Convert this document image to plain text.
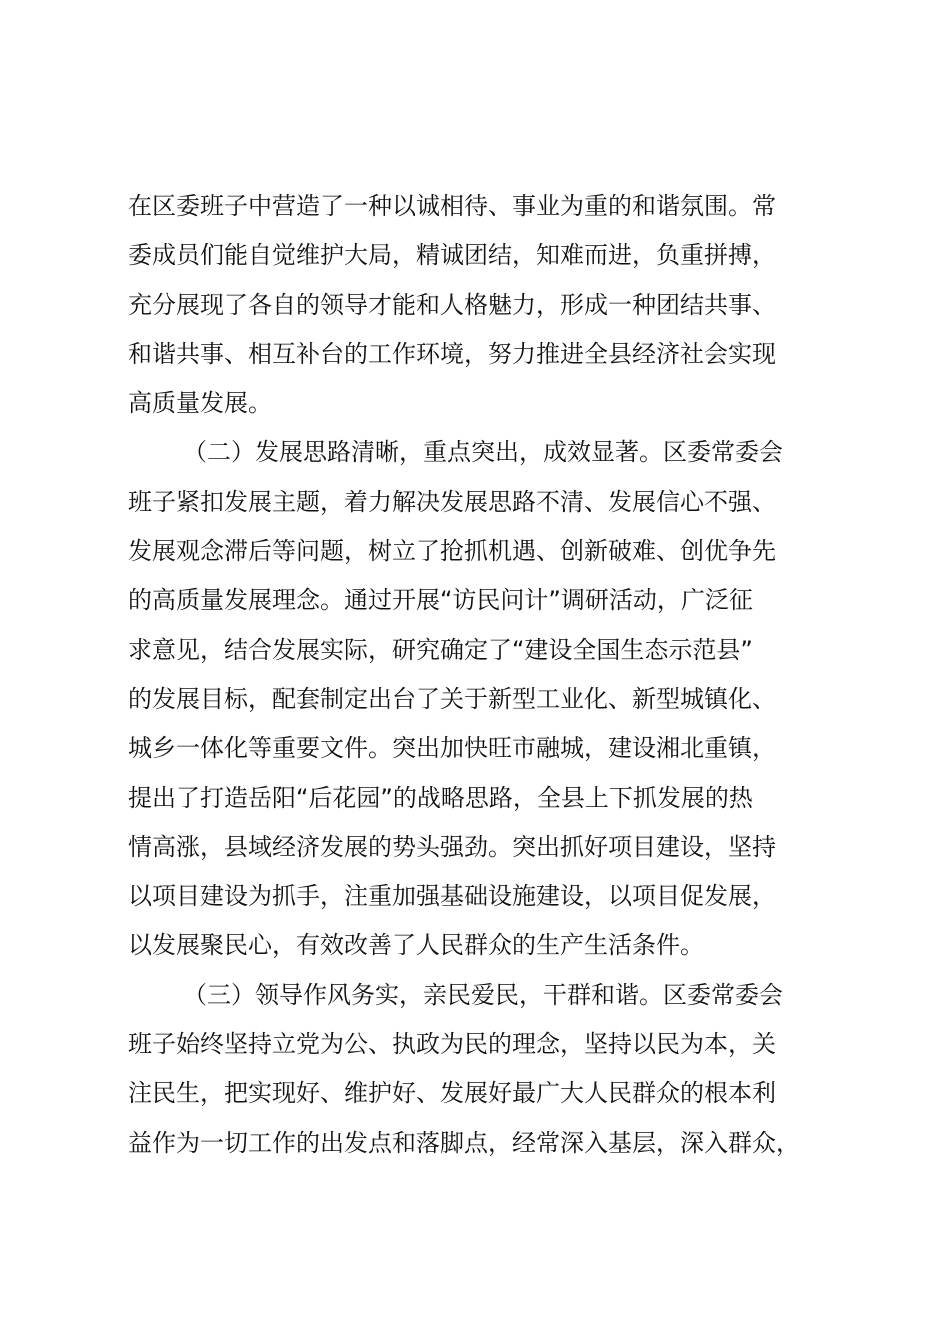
在区委班子中营造了一种以诚相待、事业为重的和谐氛围。常
委成员们能自觉维护大局，精诚团结，知难而进，负重拼搏，
充分展现了各自的领导才能和人格魅力，形成一种团结共事、
和谐共事、相互补台的工作环境，努力推进全县经济社会实现
高质量发展。
（二）发展思路清晰，重点突出，成效显著。区委常委会
班子紧扣发展主题，着力解决发展思路不清、发展信心不强、
发展观念滞后等问题，树立了抢抓机遇、创新破难、创优争先
的高质量发展理念。通过开展“访民问计”调研活动，广泛征
求意见，结合发展实际，研究确定了“建设全国生态示范县”
的发展目标，配套制定出台了关于新型工业化、新型城镇化、
城乡一体化等重要文件。突出加快旺市融城，建设湘北重镇，
提出了打造岳阳“后花园”的战略思路，全县上下抓发展的热
情高涨，县域经济发展的势头强劲。突出抓好项目建设，坚持
以项目建设为抓手，注重加强基础设施建设，以项目促发展，
以发展聚民心，有效改善了人民群众的生产生活条件。
（三）领导作风务实，亲民爱民，干群和谐。区委常委会
班子始终坚持立党为公、执政为民的理念，坚持以民为本，关
注民生，把实现好、维护好、发展好最广大人民群众的根本利
益作为一切工作的出发点和落脚点，经常深入基层，深入群众，
